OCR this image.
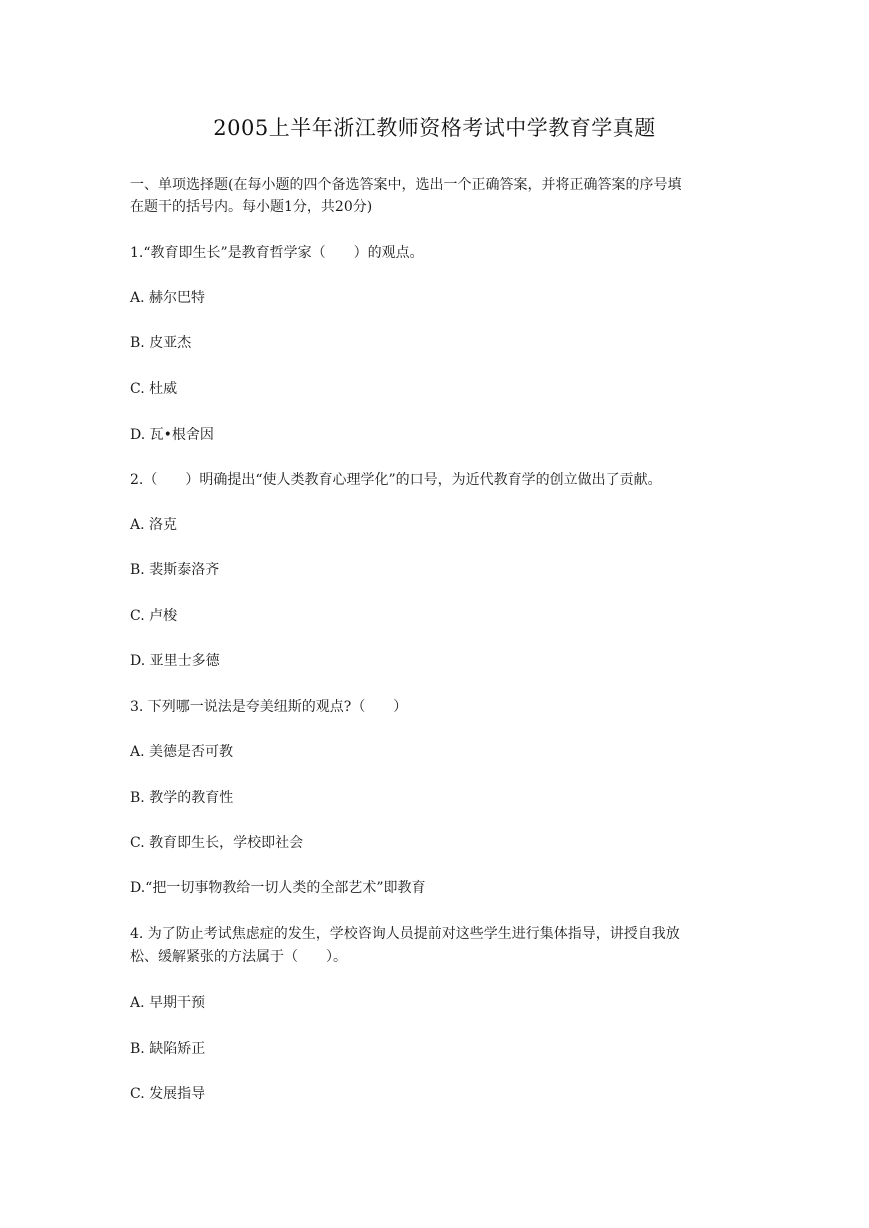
2005上半年浙江教师资格考试中学教育学真题
一、单项选择题(在每小题的四个备选答案中，选出一个正确答案，并将正确答案的序号填
在题干的括号内。每小题1分，共20分)
1.“教育即生长”是教育哲学家（　　）的观点。
A. 赫尔巴特
B. 皮亚杰
C. 杜威
D. 瓦•根舍因
2.（　　）明确提出“使人类教育心理学化”的口号，为近代教育学的创立做出了贡献。
A. 洛克
B. 裴斯泰洛齐
C. 卢梭
D. 亚里士多德
3. 下列哪一说法是夸美纽斯的观点?（　　）
A. 美德是否可教
B. 教学的教育性
C. 教育即生长，学校即社会
D.“把一切事物教给一切人类的全部艺术”即教育
4. 为了防止考试焦虑症的发生，学校咨询人员提前对这些学生进行集体指导，讲授自我放
松、缓解紧张的方法属于（　　）。
A. 早期干预
B. 缺陷矫正
C. 发展指导
